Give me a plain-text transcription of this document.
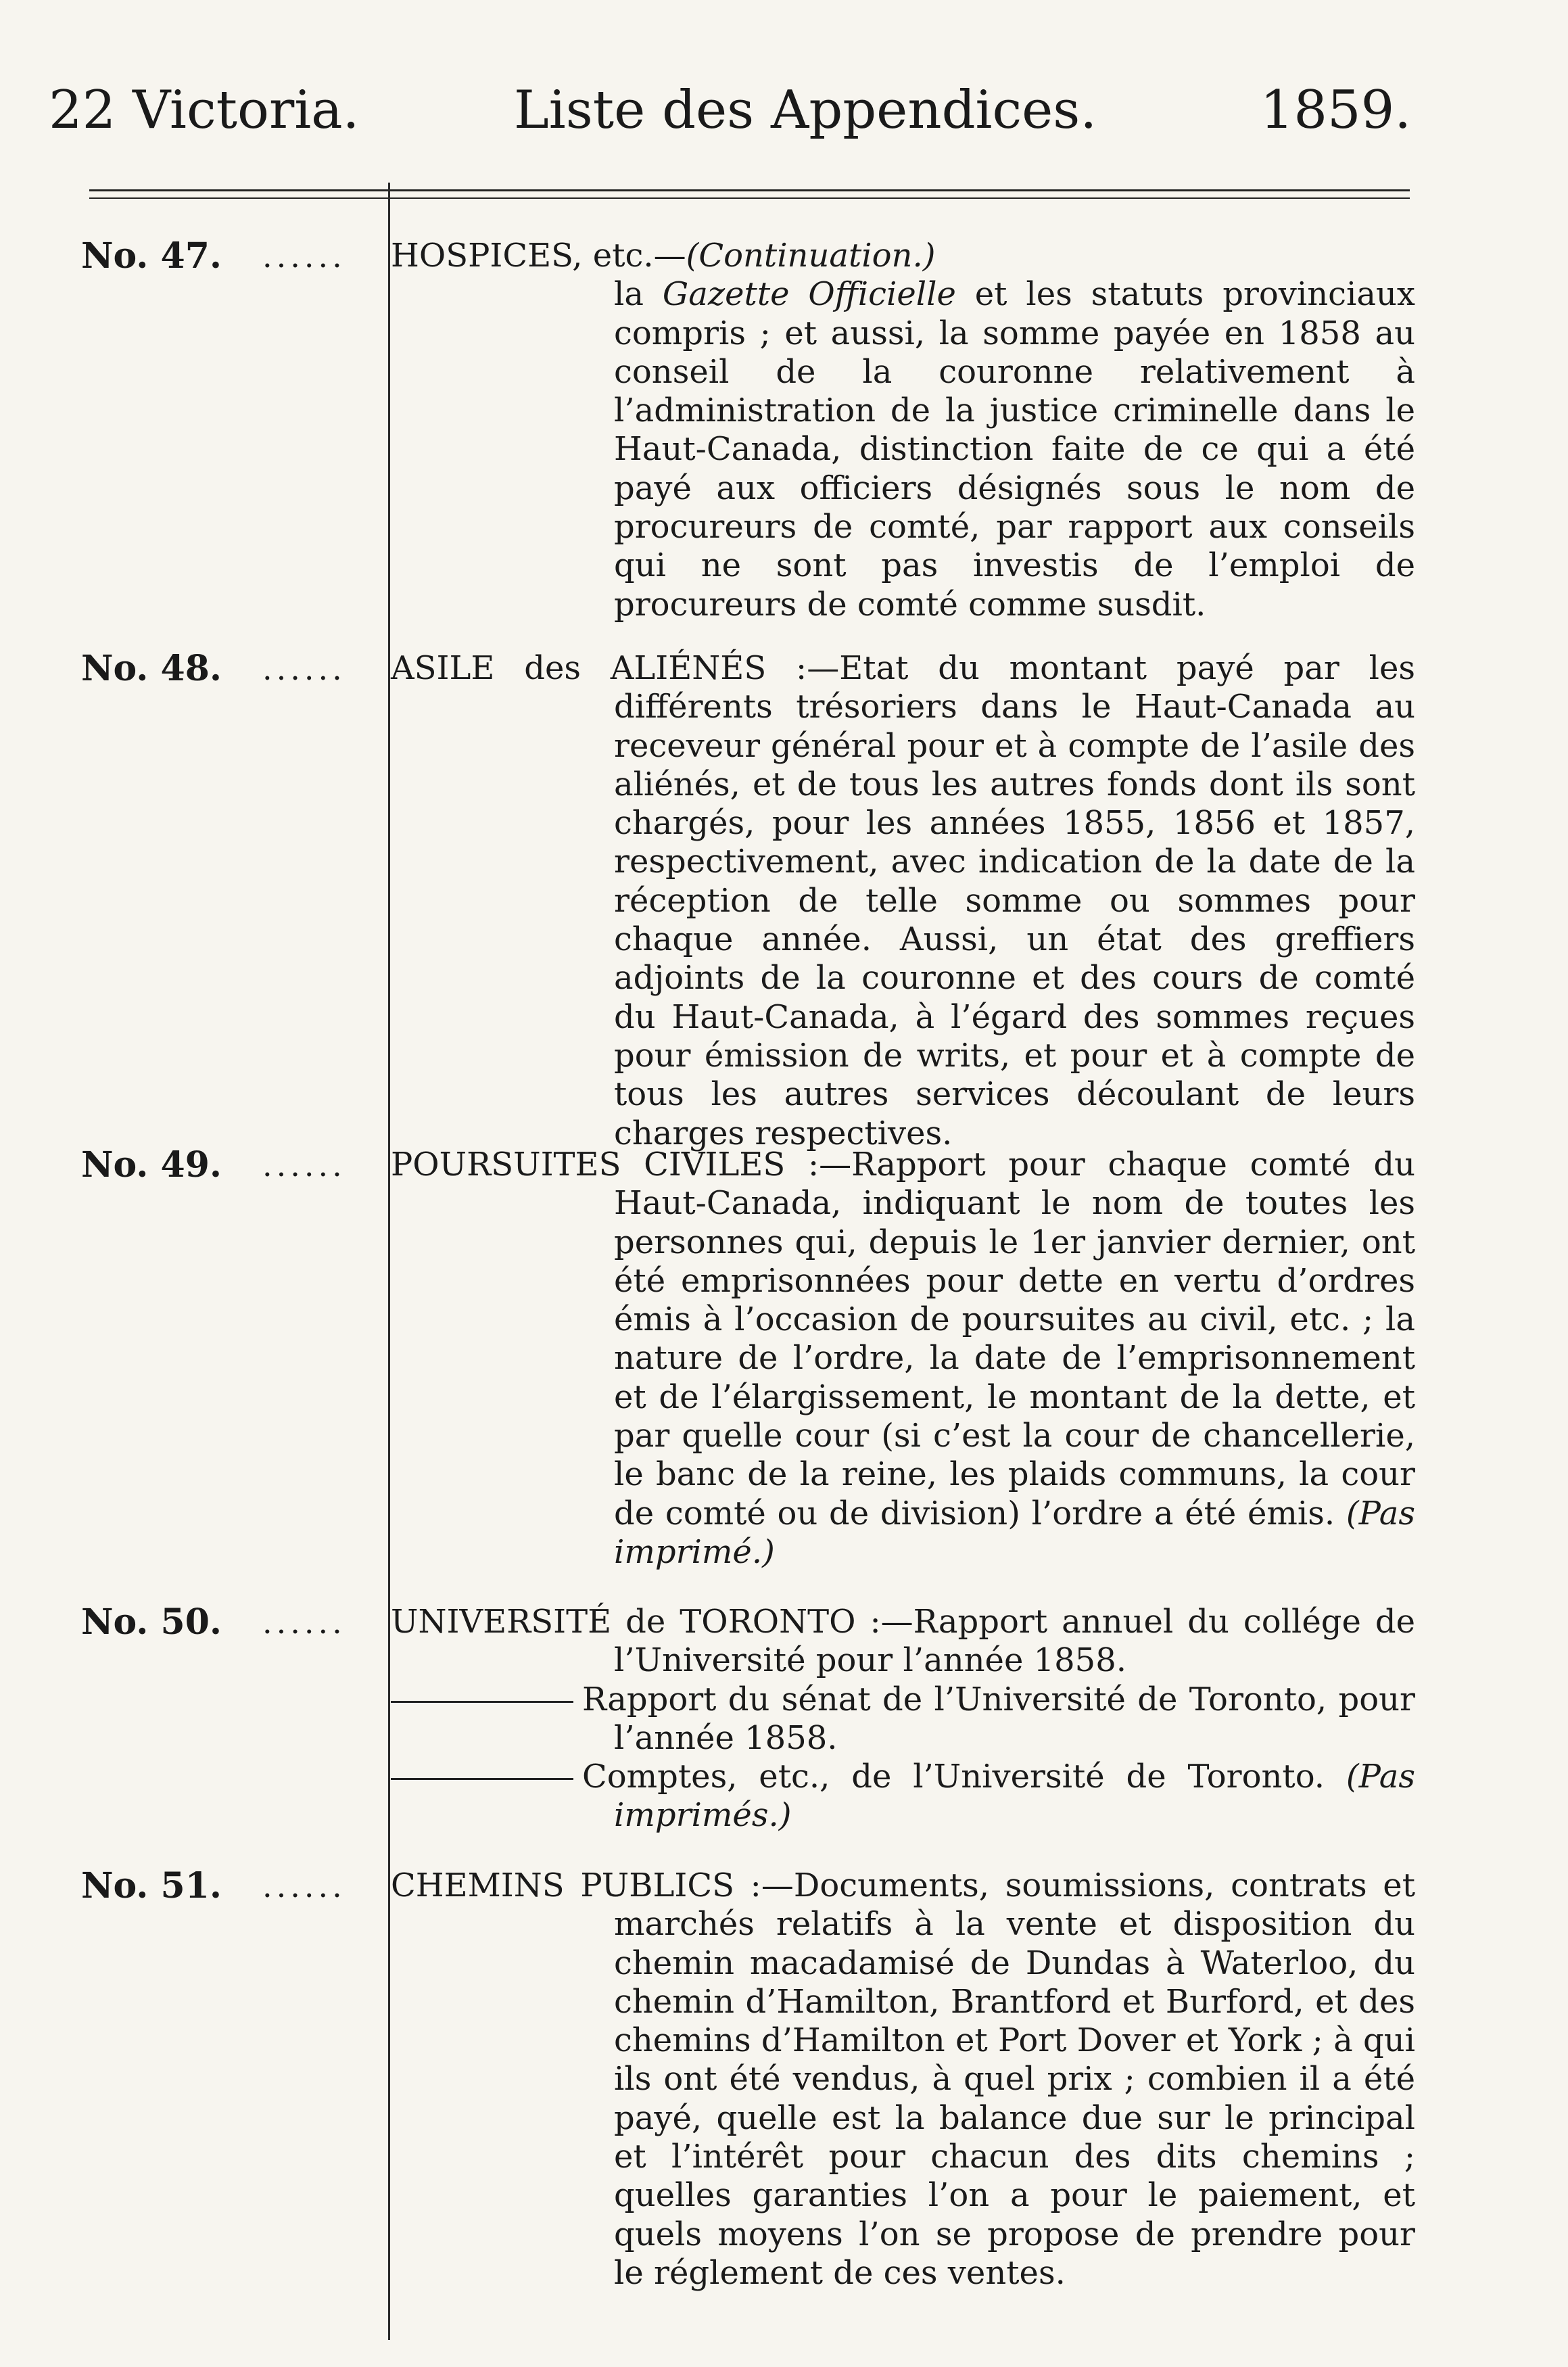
22 Victoria.	Liste des Appendices.	1859.
No. 47. ...... HOSPICES, etc.—(Continuation.)

la Gazette Officielle et les statuts provinciaux compris ; et aussi, la somme payée en 1858 au conseil de la couronne relativement à l’administration de la justice criminelle dans le Haut-Canada, distinction faite de ce qui a été payé aux officiers désignés sous le nom de procureurs de comté, par rapport aux conseils qui ne sont pas investis de l’emploi de procureurs de comté comme susdit.

No. 48. ...... ASILE des ALIÉNÉS :—Etat du montant payé par les différents trésoriers dans le Haut-Canada au receveur général pour et à compte de l’asile des aliénés, et de tous les autres fonds dont ils sont chargés, pour les années 1855, 1856 et 1857, respectivement, avec indication de la date de la réception de telle somme ou sommes pour chaque année. Aussi, un état des greffiers adjoints de la couronne et des cours de comté du Haut-Canada, à l’égard des sommes reçues pour émission de writs, et pour et à compte de tous les autres services découlant de leurs charges respectives.

No. 49. ...... POURSUITES CIVILES :—Rapport pour chaque comté du Haut-Canada, indiquant le nom de toutes les personnes qui, depuis le 1er janvier dernier, ont été emprisonnées pour dette en vertu d’ordres émis à l’occasion de poursuites au civil, etc. ; la nature de l’ordre, la date de l’emprisonnement et de l’élargissement, le montant de la dette, et par quelle cour (si c’est la cour de chancellerie, le banc de la reine, les plaids communs, la cour de comté ou de division) l’ordre a été émis. (Pas imprimé.)

No. 50. ...... UNIVERSITÉ de TORONTO :—Rapport annuel du collége de l’Université pour l’année 1858.

Rapport du sénat de l’Université de Toronto, pour l’année 1858.

Comptes, etc., de l’Université de Toronto. (Pas imprimés.)

No. 51. ...... CHEMINS PUBLICS :—Documents, soumissions, contrats et marchés relatifs à la vente et disposition du chemin macadamisé de Dundas à Waterloo, du chemin d’Hamilton, Brantford et Burford, et des chemins d’Hamilton et Port Dover et York ; à qui ils ont été vendus, à quel prix ; combien il a été payé, quelle est la balance due sur le principal et l’intérêt pour chacun des dits chemins ; quelles garanties l’on a pour le paiement, et quels moyens l’on se propose de prendre pour le réglement de ces ventes.
